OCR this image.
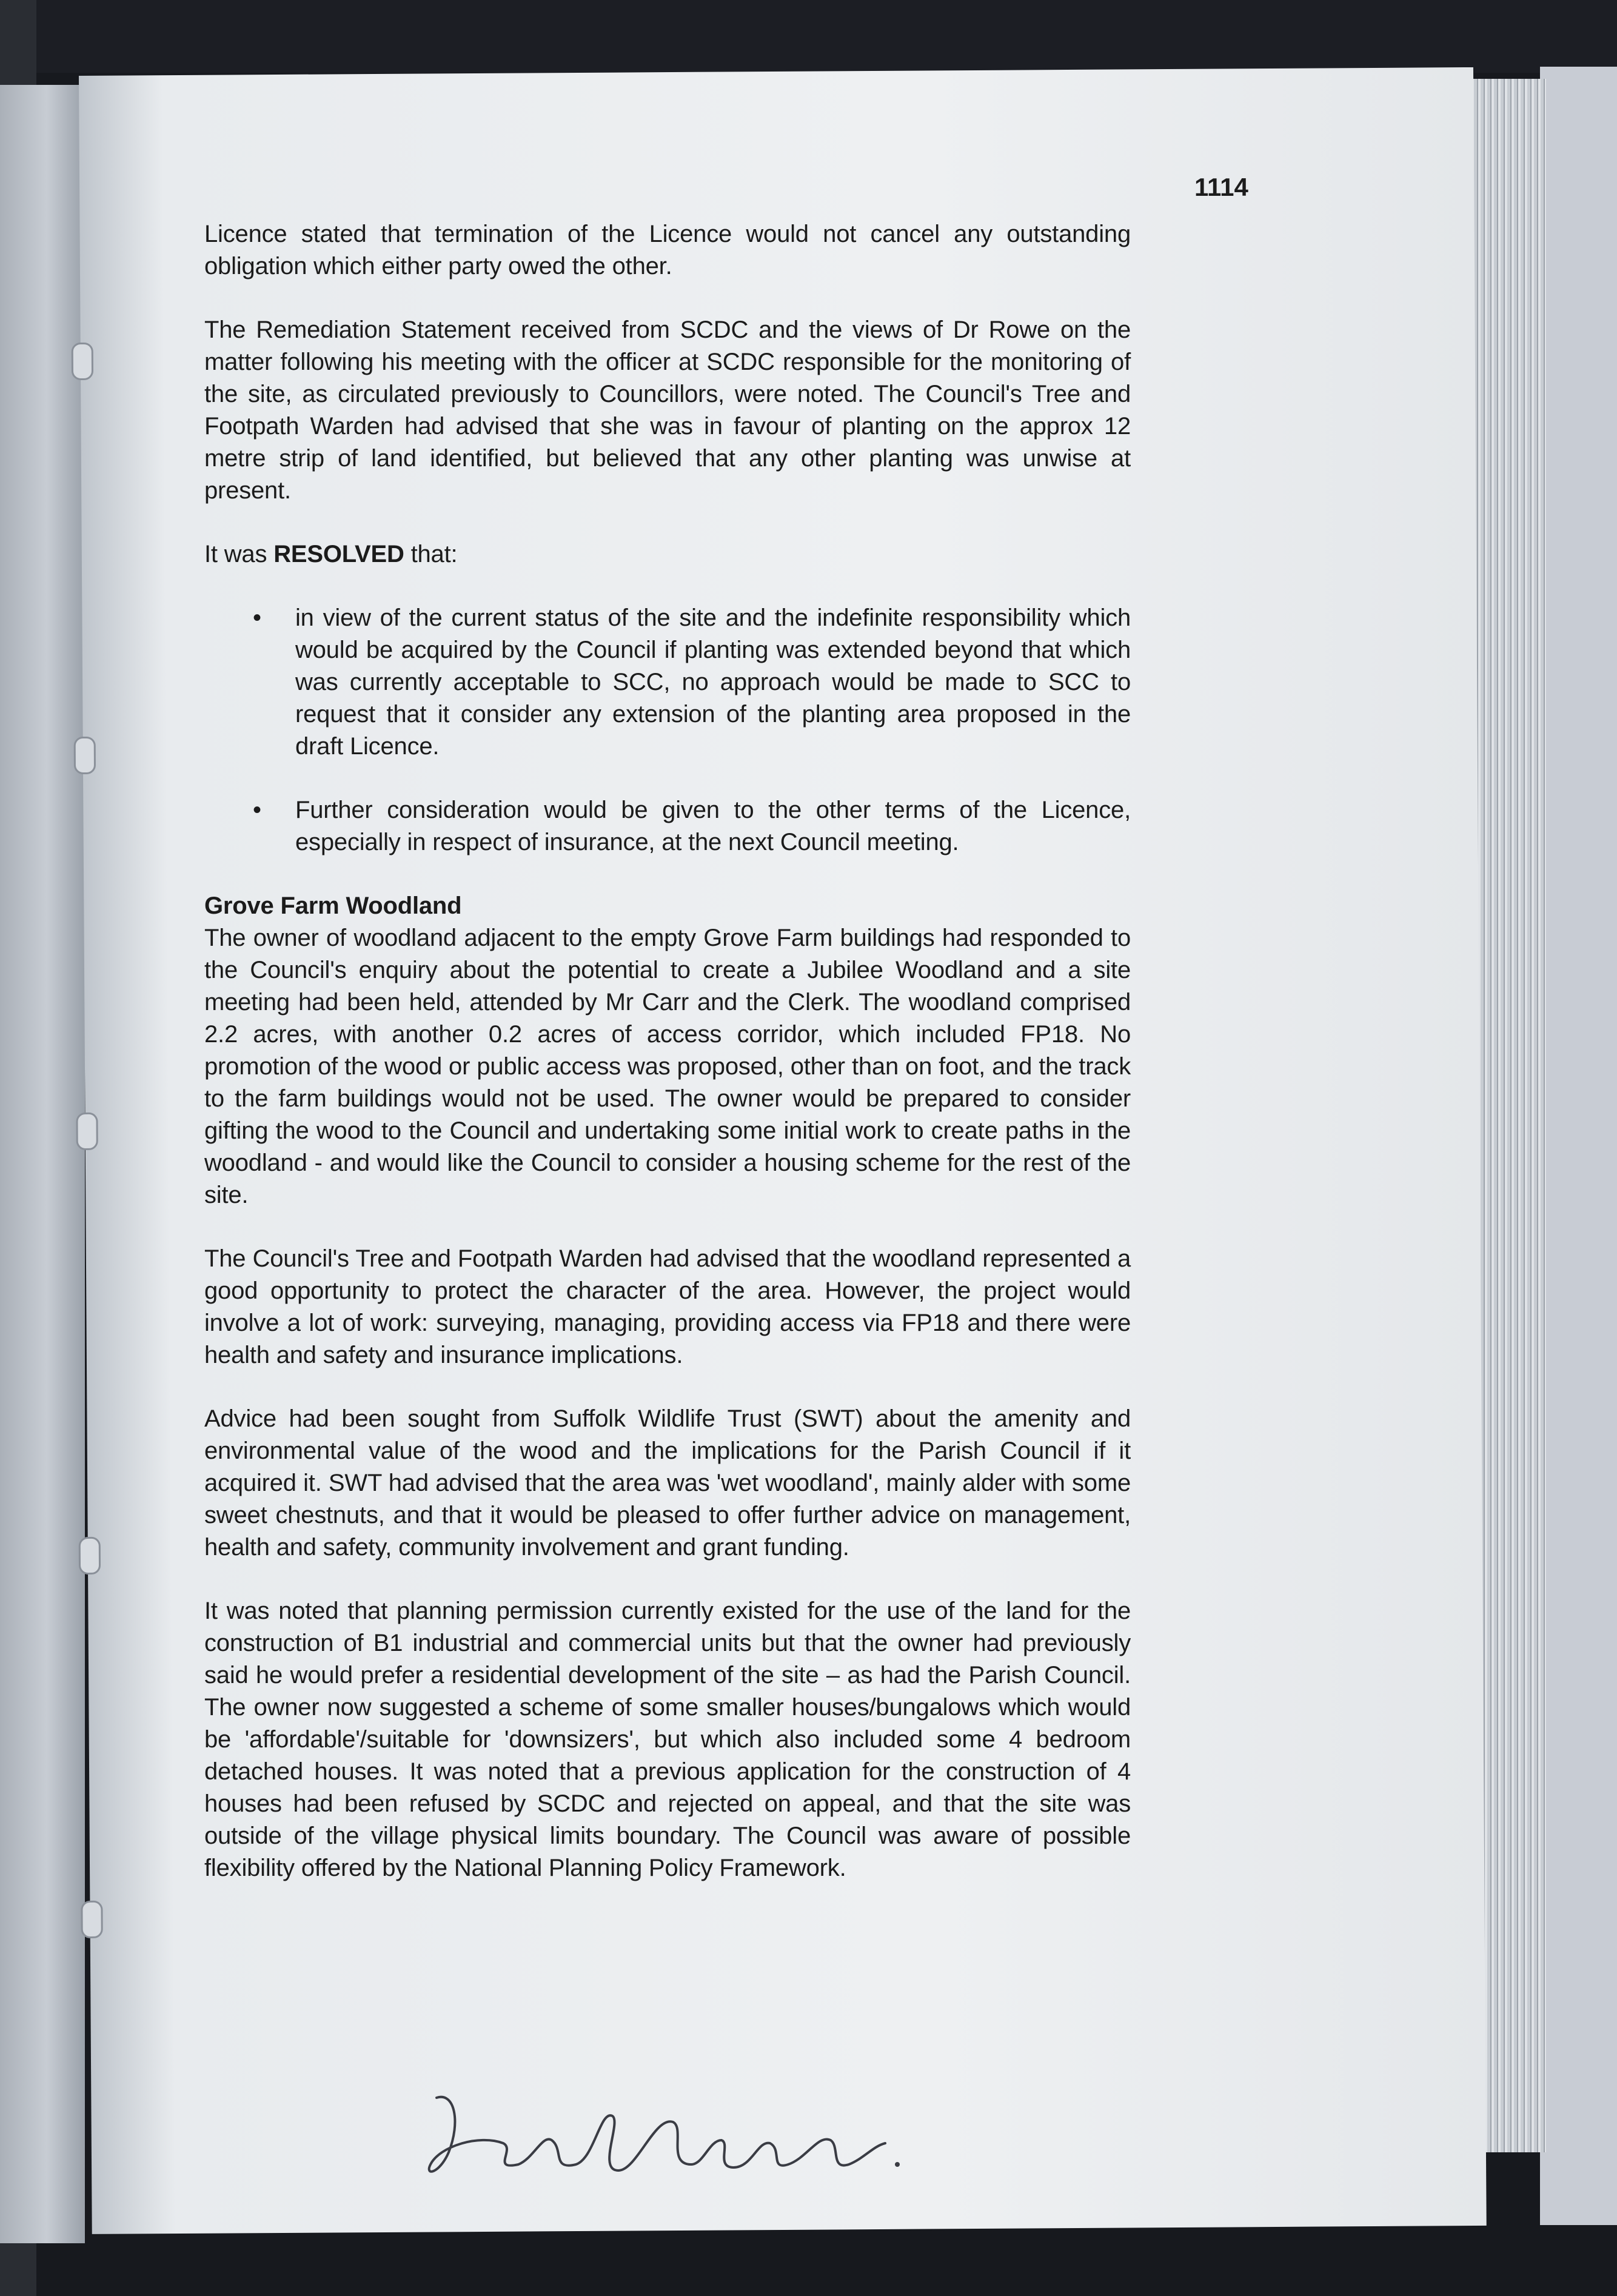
1114

Licence stated that termination of the Licence would not cancel any outstanding obligation which either party owed the other.

The Remediation Statement received from SCDC and the views of Dr Rowe on the matter following his meeting with the officer at SCDC responsible for the monitoring of the site, as circulated previously to Councillors, were noted. The Council's Tree and Footpath Warden had advised that she was in favour of planting on the approx 12 metre strip of land identified, but believed that any other planting was unwise at present.

It was RESOLVED that:

• in view of the current status of the site and the indefinite responsibility which would be acquired by the Council if planting was extended beyond that which was currently acceptable to SCC, no approach would be made to SCC to request that it consider any extension of the planting area proposed in the draft Licence.
• Further consideration would be given to the other terms of the Licence, especially in respect of insurance, at the next Council meeting.
Grove Farm Woodland

The owner of woodland adjacent to the empty Grove Farm buildings had responded to the Council's enquiry about the potential to create a Jubilee Woodland and a site meeting had been held, attended by Mr Carr and the Clerk. The woodland comprised 2.2 acres, with another 0.2 acres of access corridor, which included FP18. No promotion of the wood or public access was proposed, other than on foot, and the track to the farm buildings would not be used. The owner would be prepared to consider gifting the wood to the Council and undertaking some initial work to create paths in the woodland - and would like the Council to consider a housing scheme for the rest of the site.

The Council's Tree and Footpath Warden had advised that the woodland represented a good opportunity to protect the character of the area. However, the project would involve a lot of work: surveying, managing, providing access via FP18 and there were health and safety and insurance implications.

Advice had been sought from Suffolk Wildlife Trust (SWT) about the amenity and environmental value of the wood and the implications for the Parish Council if it acquired it. SWT had advised that the area was 'wet woodland', mainly alder with some sweet chestnuts, and that it would be pleased to offer further advice on management, health and safety, community involvement and grant funding.

It was noted that planning permission currently existed for the use of the land for the construction of B1 industrial and commercial units but that the owner had previously said he would prefer a residential development of the site – as had the Parish Council. The owner now suggested a scheme of some smaller houses/bungalows which would be 'affordable'/suitable for 'downsizers', but which also included some 4 bedroom detached houses. It was noted that a previous application for the construction of 4 houses had been refused by SCDC and rejected on appeal, and that the site was outside of the village physical limits boundary. The Council was aware of possible flexibility offered by the National Planning Policy Framework.
